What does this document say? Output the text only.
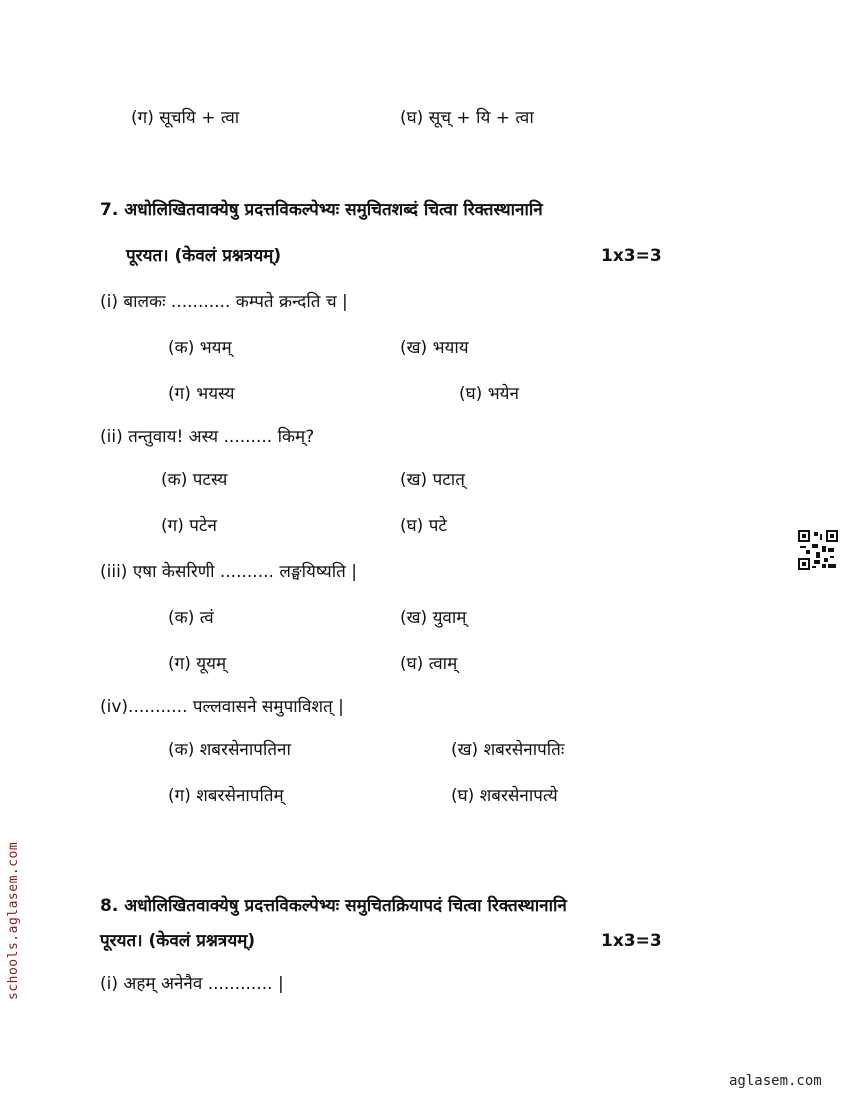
(ग) सूचयि + त्वा	(घ) सूच् + यि + त्वा
7. अधोलिखितवाक्येषु प्रदत्तविकल्पेभ्यः समुचितशब्दं चित्वा रिक्तस्थानानि
पूरयत। (केवलं प्रश्नत्रयम्)	1x3=3
(i) बालकः ........... कम्पते क्रन्दति च |
(क) भयम्	(ख) भयाय
(ग) भयस्य	(घ) भयेन
(ii) तन्तुवाय! अस्य ......... किम्?
(क) पटस्य	(ख) पटात्
(ग) पटेन	(घ) पटे
(iii) एषा केसरिणी .......... लङ्घयिष्यति |
(क) त्वं	(ख) युवाम्
(ग) यूयम्	(घ) त्वाम्
(iv)........... पल्लवासने समुपाविशत् |
(क) शबरसेनापतिना	(ख) शबरसेनापतिः
(ग) शबरसेनापतिम्	(घ) शबरसेनापत्ये
8. अधोलिखितवाक्येषु प्रदत्तविकल्पेभ्यः समुचितक्रियापदं चित्वा रिक्तस्थानानि
पूरयत। (केवलं प्रश्नत्रयम्)	1x3=3
(i) अहम् अनेनैव ............ |
schools.aglasem.com
aglasem.com
